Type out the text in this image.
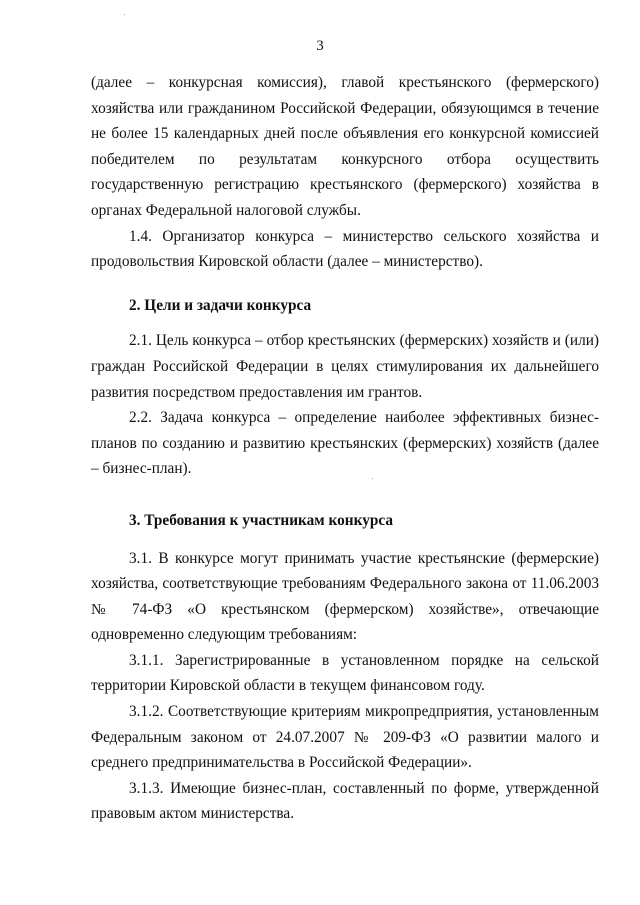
3

(далее – конкурсная комиссия), главой крестьянского (фермерского) хозяйства или гражданином Российской Федерации, обязующимся в течение не более 15 календарных дней после объявления его конкурсной комиссией победителем по результатам конкурсного отбора осуществить государственную регистрацию крестьянского (фермерского) хозяйства в органах Федеральной налоговой службы.

1.4. Организатор конкурса – министерство сельского хозяйства и продовольствия Кировской области (далее – министерство).

2. Цели и задачи конкурса

2.1. Цель конкурса – отбор крестьянских (фермерских) хозяйств и (или) граждан Российской Федерации в целях стимулирования их дальнейшего развития посредством предоставления им грантов.

2.2. Задача конкурса – определение наиболее эффективных бизнес-планов по созданию и развитию крестьянских (фермерских) хозяйств (далее – бизнес-план).

3. Требования к участникам конкурса

3.1. В конкурсе могут принимать участие крестьянские (фермерские) хозяйства, соответствующие требованиям Федерального закона от 11.06.2003 № 74-ФЗ «О крестьянском (фермерском) хозяйстве», отвечающие одновременно следующим требованиям:

3.1.1. Зарегистрированные в установленном порядке на сельской территории Кировской области в текущем финансовом году.

3.1.2. Соответствующие критериям микропредприятия, установленным Федеральным законом от 24.07.2007 № 209-ФЗ «О развитии малого и среднего предпринимательства в Российской Федерации».

3.1.3. Имеющие бизнес-план, составленный по форме, утвержденной правовым актом министерства.
